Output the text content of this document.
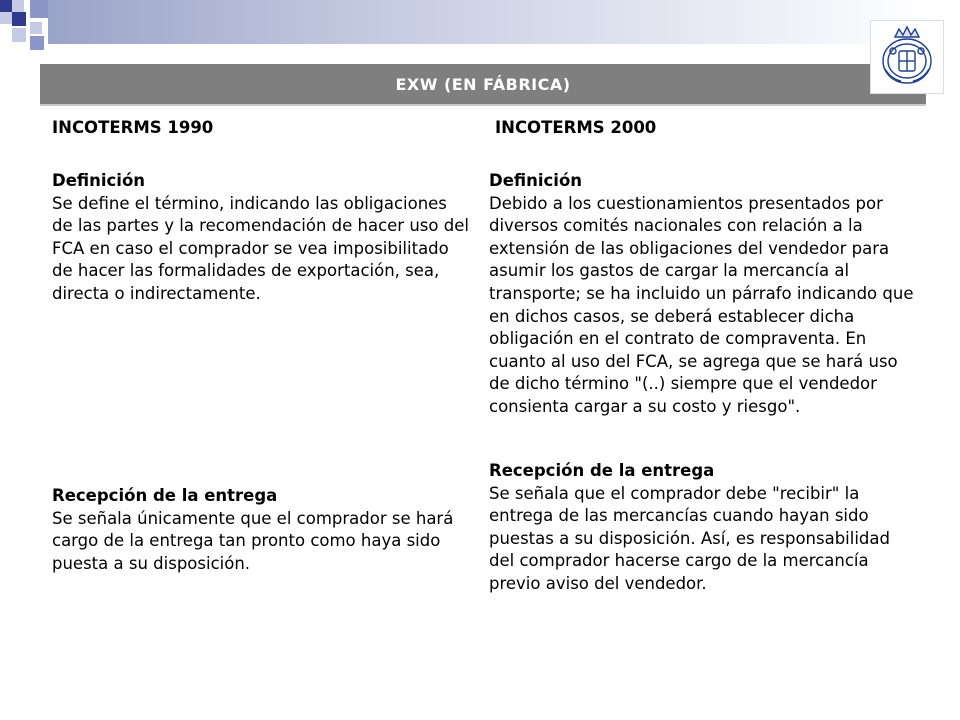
EXW (EN FÁBRICA)
INCOTERMS 1990	INCOTERMS 2000
Definición
Se define el término, indicando las obligaciones de las partes y la recomendación de hacer uso del FCA en caso el comprador se vea imposibilitado de hacer las formalidades de exportación, sea, directa o indirectamente.
Recepción de la entrega
Se señala únicamente que el comprador se hará cargo de la entrega tan pronto como haya sido puesta a su disposición.
Definición
Debido a los cuestionamientos presentados por diversos comités nacionales con relación a la extensión de las obligaciones del vendedor para asumir los gastos de cargar la mercancía al transporte; se ha incluido un párrafo indicando que en dichos casos, se deberá establecer dicha obligación en el contrato de compraventa. En cuanto al uso del FCA, se agrega que se hará uso de dicho término "(..) siempre que el vendedor consienta cargar a su costo y riesgo".
Recepción de la entrega
Se señala que el comprador debe "recibir" la entrega de las mercancías cuando hayan sido puestas a su disposición. Así, es responsabilidad del comprador hacerse cargo de la mercancía previo aviso del vendedor.
